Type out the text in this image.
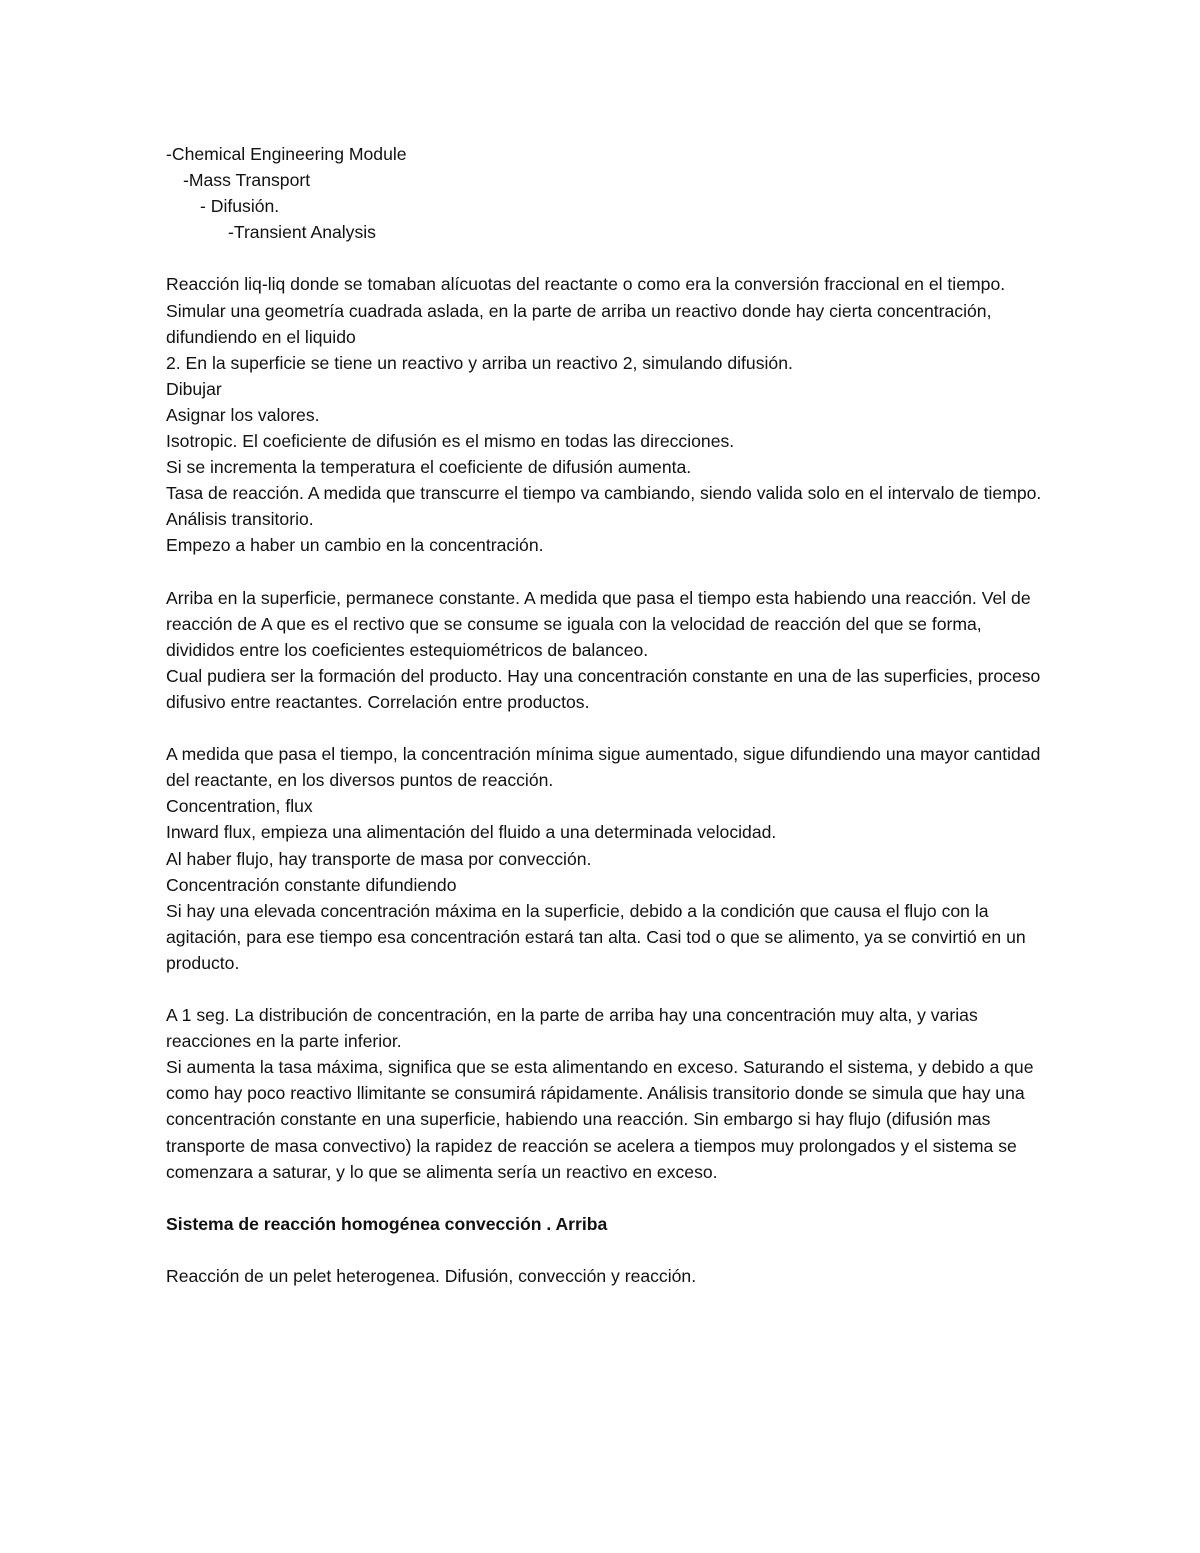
-Chemical Engineering Module

-Mass Transport

- Difusión.

-Transient Analysis

Reacción liq-liq donde se tomaban alícuotas del reactante o como era la conversión fraccional en el tiempo.

Simular una geometría cuadrada aslada, en la parte de arriba un reactivo donde hay cierta concentración, difundiendo en el liquido

2. En la superficie se tiene un reactivo y arriba un reactivo 2, simulando difusión.

Dibujar

Asignar los valores.

Isotropic. El coeficiente de difusión es el mismo en todas las direcciones.

Si se incrementa la temperatura el coeficiente de difusión aumenta.

Tasa de reacción. A medida que transcurre el tiempo va cambiando, siendo valida solo en el intervalo de tiempo.

Análisis transitorio.

Empezo a haber un cambio en la concentración.

Arriba en la superficie, permanece constante. A medida que pasa el tiempo esta habiendo una reacción. Vel de reacción de A que es el rectivo que se consume se iguala con la velocidad de reacción del que se forma, divididos entre los coeficientes estequiométricos de balanceo.

Cual pudiera ser la formación del producto. Hay una concentración constante en una de las superficies, proceso difusivo entre reactantes. Correlación entre productos.

A medida que pasa el tiempo, la concentración mínima sigue aumentado, sigue difundiendo una mayor cantidad del reactante, en los diversos puntos de reacción.

Concentration, flux

Inward flux, empieza una alimentación del fluido a una determinada velocidad.

Al haber flujo, hay transporte de masa por convección.

Concentración constante difundiendo

Si hay una elevada concentración máxima en la superficie, debido a la condición que causa el flujo con la agitación, para ese tiempo esa concentración estará tan alta. Casi tod o que se alimento, ya se convirtió en un producto.

A 1 seg. La distribución de concentración, en la parte de arriba hay una concentración muy alta, y varias reacciones en la parte inferior.

Si aumenta la tasa máxima, significa que se esta alimentando en exceso. Saturando el sistema, y debido a que como hay poco reactivo llimitante se consumirá rápidamente. Análisis transitorio donde se simula que hay una concentración constante en una superficie, habiendo una reacción. Sin embargo si hay flujo (difusión mas transporte de masa convectivo) la rapidez de reacción se acelera a tiempos muy prolongados y el sistema se comenzara a saturar, y lo que se alimenta sería un reactivo en exceso.

Sistema de reacción homogénea convección . Arriba

Reacción de un pelet heterogenea. Difusión, convección y reacción.
